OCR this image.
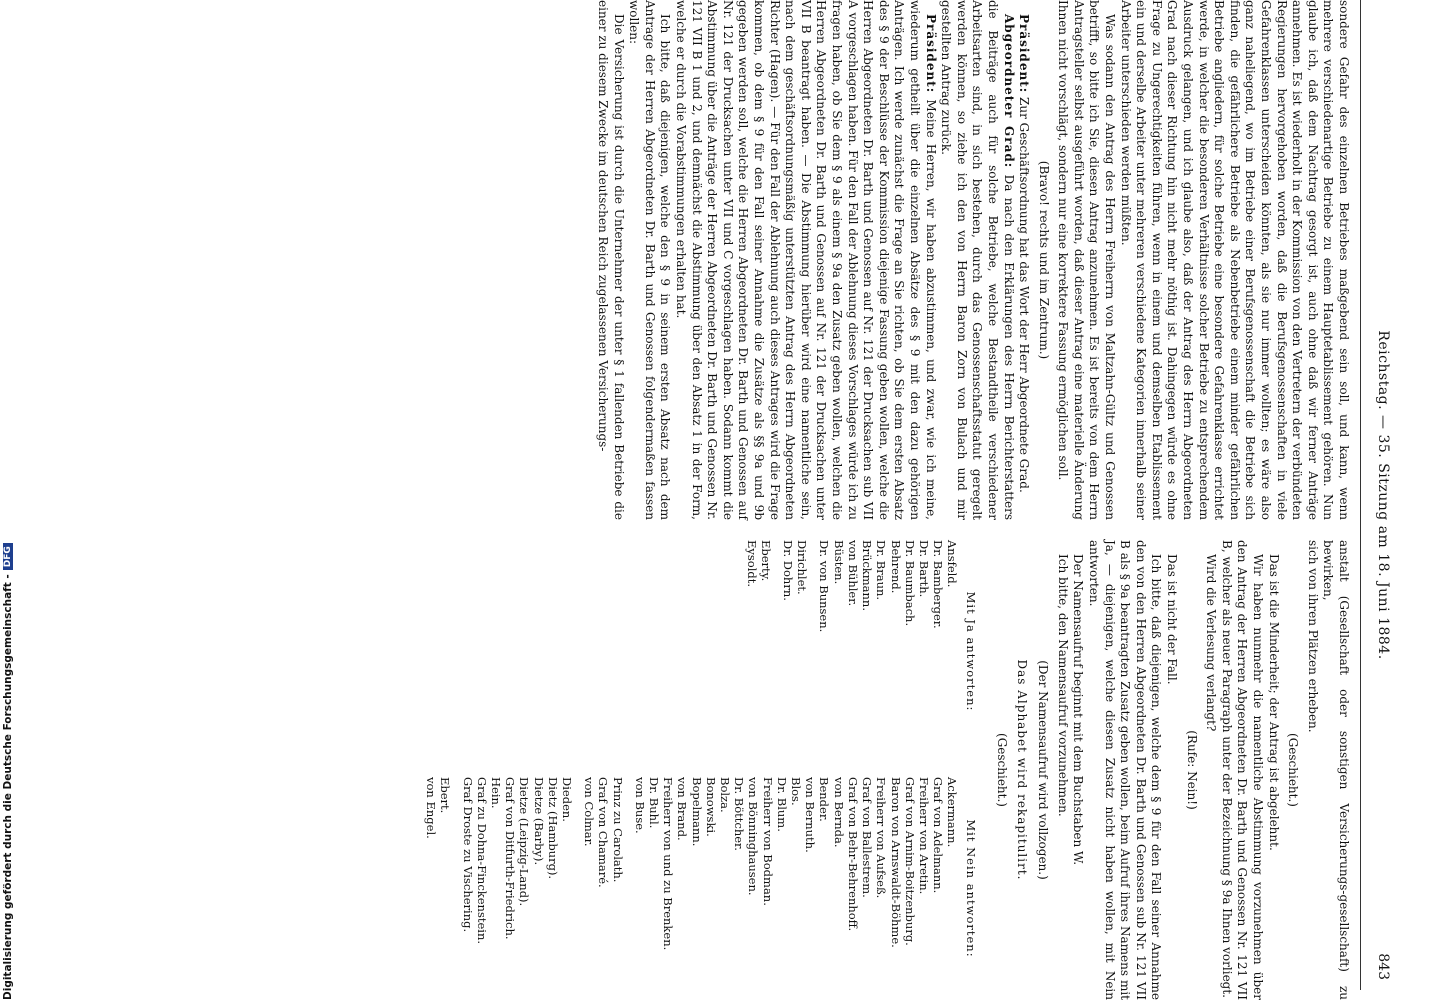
Reichstag. — 35. Sitzung am 18. Juni 1884.
843

sondere Gefahr des einzelnen Betriebes maßgebend sein soll, und kann, wenn mehrere verschiedenartige Betriebe zu einem Hauptetablissement gehören. Nun glaube ich, daß dem Nachtrag gesorgt ist, auch ohne daß wir ferner Anträge annehmen. Es ist wiederholt in der Kommission von den Vertretern der verbündeten Regierungen hervorgehoben worden, daß die Berufsgenossenschaften in viele Gefahrenklassen unterscheiden könnten, als sie nur immer wollten; es wäre also ganz naheliegend, wo im Betriebe einer Berufsgenossenschaft die Betriebe sich finden, die gefährlichere Betriebe als Nebenbetriebe einem minder gefährlichen Betriebe angliedern, für solche Betriebe eine besondere Gefahrenklasse errichtet werde, in welcher die besonderen Verhältnisse solcher Betriebe zu entsprechendem Ausdruck gelangen, und ich glaube also, daß der Antrag des Herrn Abgeordneten Grad nach dieser Richtung hin nicht mehr nöthig ist. Dahingegen würde es ohne Frage zu Ungerechtigkeiten führen, wenn in einem und demselben Etablissement ein und derselbe Arbeiter unter mehreren verschiedene Kategorien innerhalb seiner Arbeiter unterschieden werden müßten.

Was sodann den Antrag des Herrn Freiherrn von Maltzahn-Gültz und Genossen betrifft, so bitte ich Sie, diesen Antrag anzunehmen. Es ist bereits von dem Herrn Antragsteller selbst ausgeführt worden, daß dieser Antrag eine materielle Änderung Ihnen nicht vorschlägt, sondern nur eine korrektere Fassung ermöglichen soll.

(Bravo! rechts und im Zentrum.)

Präsident: Zur Geschäftsordnung hat das Wort der Herr Abgeordnete Grad.

Abgeordneter Grad: Da nach den Erklärungen des Herrn Berichterstatters die Beiträge auch für solche Betriebe, welche Bestandtheile verschiedener Arbeitsarten sind, in sich bestehen, durch das Genossenschaftsstatut geregelt werden können, so ziehe ich den von Herrn Baron Zorn von Bulach und mir gestellten Antrag zurück.

Präsident: Meine Herren, wir haben abzustimmen, und zwar, wie ich meine, wiederum getheilt über die einzelnen Absätze des § 9 mit den dazu gehörigen Anträgen. Ich werde zunächst die Frage an Sie richten, ob Sie dem ersten Absatz des § 9 der Beschlüsse der Kommission diejenige Fassung geben wollen, welche die Herren Abgeordneten Dr. Barth und Genossen auf Nr. 121 der Drucksachen sub VII A vorgeschlagen haben. Für den Fall der Ablehnung dieses Vorschlages würde ich zu fragen haben, ob Sie dem § 9 als einem § 9a den Zusatz geben wollen, welchen die Herren Abgeordneten Dr. Barth und Genossen auf Nr. 121 der Drucksachen unter VII B beantragt haben. — Die Abstimmung hierüber wird eine namentliche sein, nach dem geschäftsordnungsmäßig unterstützten Antrag des Herrn Abgeordneten Richter (Hagen). — Für den Fall der Ablehnung auch dieses Antrages wird die Frage kommen, ob dem § 9 für den Fall seiner Annahme die Zusätze als §§ 9a und 9b gegeben werden soll, welche die Herren Abgeordneten Dr. Barth und Genossen auf Nr. 121 der Drucksachen unter VII und C vorgeschlagen haben. Sodann kommt die Abstimmung über die Anträge der Herren Abgeordneten Dr. Barth und Genossen Nr. 121 VII B 1 und 2, und demnächst die Abstimmung über den Absatz 1 in der Form, welche er durch die Vorabstimmungen erhalten hat.

Ich bitte, daß diejenigen, welche den § 9 in seinem ersten Absatz nach dem Antrage der Herren Abgeordneten Dr. Barth und Genossen folgendermaßen fassen wollen:

Die Versicherung ist durch die Unternehmer der unter § 1 fallenden Betriebe die einer zu diesem Zwecke im deutschen Reich zugelassenen Versicherungs-

anstalt (Gesellschaft oder sonstigen Versicherungs-gesellschaft) zu bewirken,

sich von ihren Plätzen erheben.

(Geschieht.)

Das ist die Minderheit; der Antrag ist abgelehnt.

Wir haben nunmehr die namentliche Abstimmung vorzunehmen über den Antrag der Herren Abgeordneten Dr. Barth und Genossen Nr. 121 VII B, welcher als neuer Paragraph unter der Bezeichnung § 9a Ihnen vorliegt.

Wird die Verlesung verlangt?

(Rufe: Nein!)

Das ist nicht der Fall.

Ich bitte, daß diejenigen, welche dem § 9 für den Fall seiner Annahme den von den Herren Abgeordneten Dr. Barth und Genossen sub Nr. 121 VII B als § 9a beantragten Zusatz geben wollen, beim Aufruf ihres Namens mit Ja, — diejenigen, welche diesen Zusatz nicht haben wollen, mit Nein antworten.

Der Namensaufruf beginnt mit dem Buchstaben W.

Ich bitte, den Namensaufruf vorzunehmen.

(Der Namensaufruf wird vollzogen.)
Das Alphabet wird rekapitulirt.
(Geschieht.)
Mit Ja antworten:
Ansfeld.
Dr. Bamberger.
Dr. Barth.
Dr. Baumbach.
Behrend.
Dr. Braun.
Brückmann.
von Bühler.
Büsten.
Dr. von Bunsen.
Dirichlet.
Dr. Dohrn.
Eberty.
Eysoldt.
Mit Nein antworten:
Ackermann.
Graf von Adelmann.
Freiherr von Aretin.
Graf von Arnim-Boitzenburg.
Baron von Arnswaldt-Böhme.
Freiherr von Aufseß.
Graf von Ballestrem.
Graf von Behr-Behrenhoff.
von Bernda.
Bender.
von Bernuth.
Blos.
Dr. Blum.
Freiherr von Bodman.
von Bönninghausen.
Dr. Böttcher.
Bolza.
Bonowski.
Bopelmann.
von Brand.
Freiherr von und zu Brenken.
Dr. Buhl.
von Buse.
Prinz zu Carolath.
Graf von Chamaré.
von Colmar.
Dieden.
Dietz (Hamburg).
Dietze (Barby).
Dietze (Leipzig-Land).
Graf von Ditfurth-Friedrich.
Hein.
Graf zu Dohna-Finckenstein.
Graf Droste zu Vischering.
Ebert.
von Engel.
Digitalisierung gefördert durch die Deutsche Forschungsgemeinschaft -DFG
